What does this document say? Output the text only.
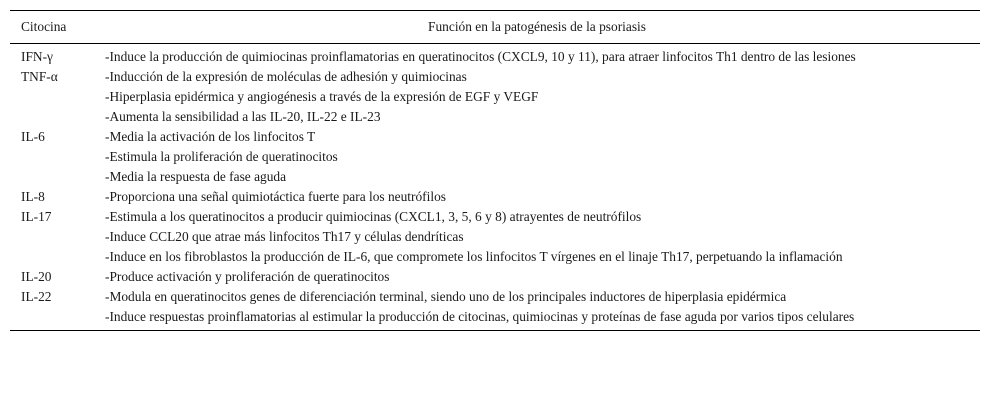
Citocina	Función en la patogénesis de la psoriasis
IFN-γ	-Induce la producción de quimiocinas proinflamatorias en queratinocitos (CXCL9, 10 y 11), para atraer linfocitos Th1 dentro de las lesiones

TNF-α	-Inducción de la expresión de moléculas de adhesión y quimiocinas
-Hiperplasia epidérmica y angiogénesis a través de la expresión de EGF y VEGF
-Aumenta la sensibilidad a las IL-20, IL-22 e IL-23

IL-6	-Media la activación de los linfocitos T
-Estimula la proliferación de queratinocitos
-Media la respuesta de fase aguda

IL-8	-Proporciona una señal quimiotáctica fuerte para los neutrófilos

IL-17	-Estimula a los queratinocitos a producir quimiocinas (CXCL1, 3, 5, 6 y 8) atrayentes de neutrófilos
-Induce CCL20 que atrae más linfocitos Th17 y células dendríticas
-Induce en los fibroblastos la producción de IL-6, que compromete los linfocitos T vírgenes en el linaje Th17, perpetuando la inflamación

IL-20	-Produce activación y proliferación de queratinocitos

IL-22	-Modula en queratinocitos genes de diferenciación terminal, siendo uno de los principales inductores de hiperplasia epidérmica
-Induce respuestas proinflamatorias al estimular la producción de citocinas, quimiocinas y proteínas de fase aguda por varios tipos celulares
